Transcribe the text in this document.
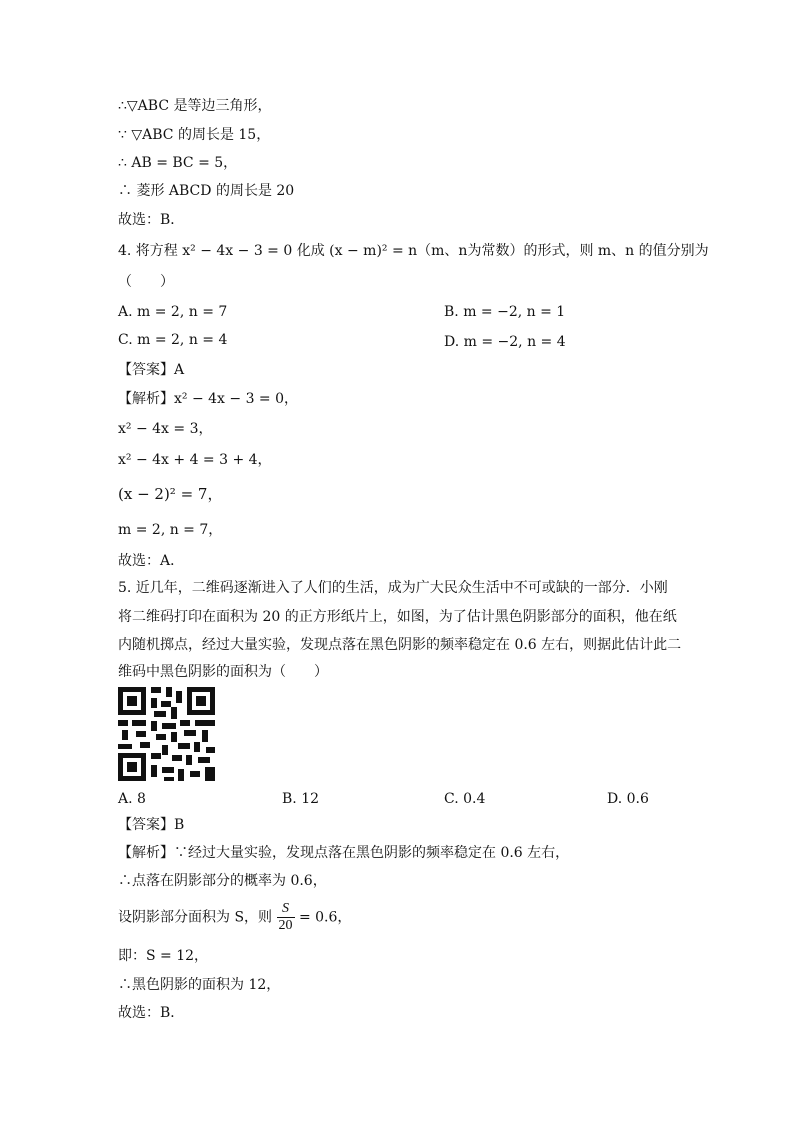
∴▽ABC 是等边三角形，
∵ ▽ABC 的周长是 15，
∴ AB = BC = 5，
∴ 菱形 ABCD 的周长是 20
故选：B．
4. 将方程 x² − 4x − 3 = 0 化成 (x − m)² = n（m、n为常数）的形式，则 m、n 的值分别为
（　　）
A. m = 2, n = 7	B. m = −2, n = 1
C. m = 2, n = 4	D. m = −2, n = 4
【答案】A
【解析】x² − 4x − 3 = 0，
x² − 4x = 3，
x² − 4x + 4 = 3 + 4，
(x − 2)² = 7，
m = 2, n = 7，
故选：A．
5. 近几年，二维码逐渐进入了人们的生活，成为广大民众生活中不可或缺的一部分．小刚
将二维码打印在面积为 20 的正方形纸片上，如图，为了估计黑色阴影部分的面积，他在纸
内随机掷点，经过大量实验，发现点落在黑色阴影的频率稳定在 0.6 左右，则据此估计此二
维码中黑色阴影的面积为（　　）
A. 8	B. 12	C. 0.4	D. 0.6
【答案】B
【解析】∵经过大量实验，发现点落在黑色阴影的频率稳定在 0.6 左右，
∴点落在阴影部分的概率为 0.6，
设阴影部分面积为 S，则 $\frac{S}{20} = 0.6$，
即：S = 12，
∴黑色阴影的面积为 12，
故选：B．
